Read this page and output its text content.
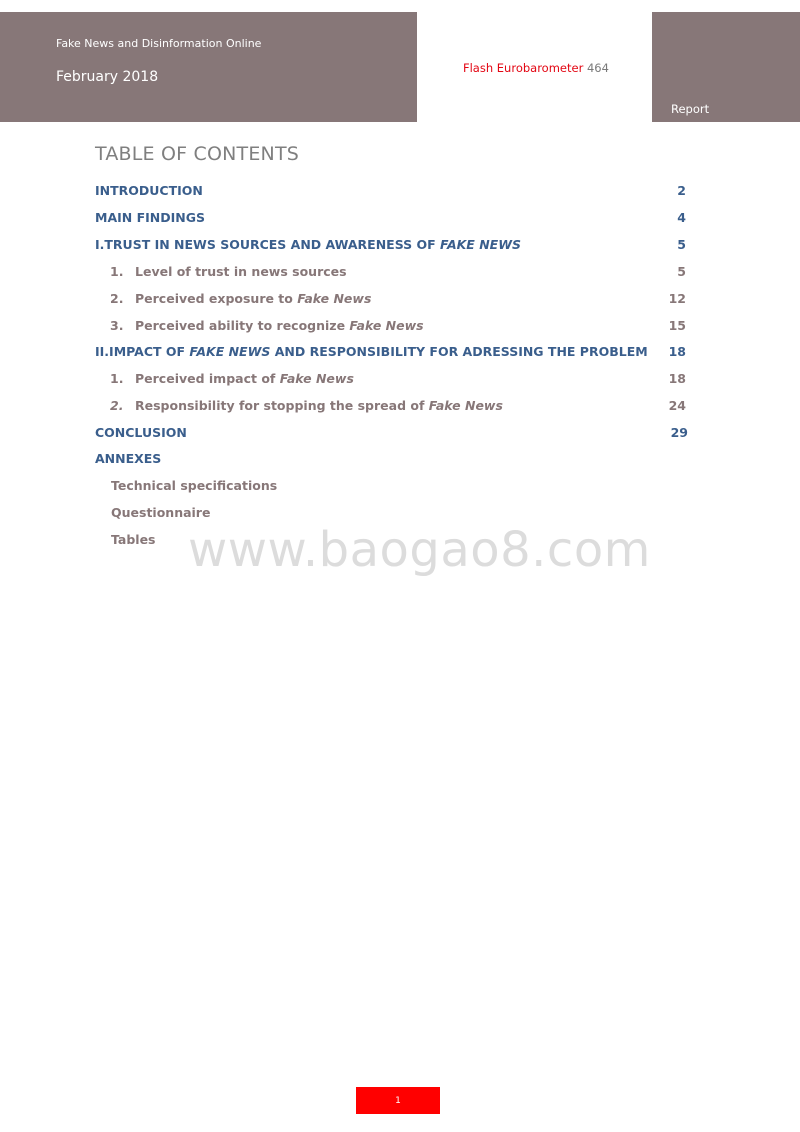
Fake News and Disinformation Online
February 2018
Flash Eurobarometer 464
Report
TABLE OF CONTENTS
INTRODUCTION	2
MAIN FINDINGS	4
I.TRUST IN NEWS SOURCES AND AWARENESS OF FAKE NEWS	5
1. Level of trust in news sources	5
2. Perceived exposure to Fake News	12
3. Perceived ability to recognize Fake News	15
II.IMPACT OF FAKE NEWS AND RESPONSIBILITY FOR ADRESSING THE PROBLEM 18
1. Perceived impact of Fake News	18
2. Responsibility for stopping the spread of Fake News	24
CONCLUSION	29
ANNEXES
Technical specifications
Questionnaire
Tables www.baogao8.com
1
